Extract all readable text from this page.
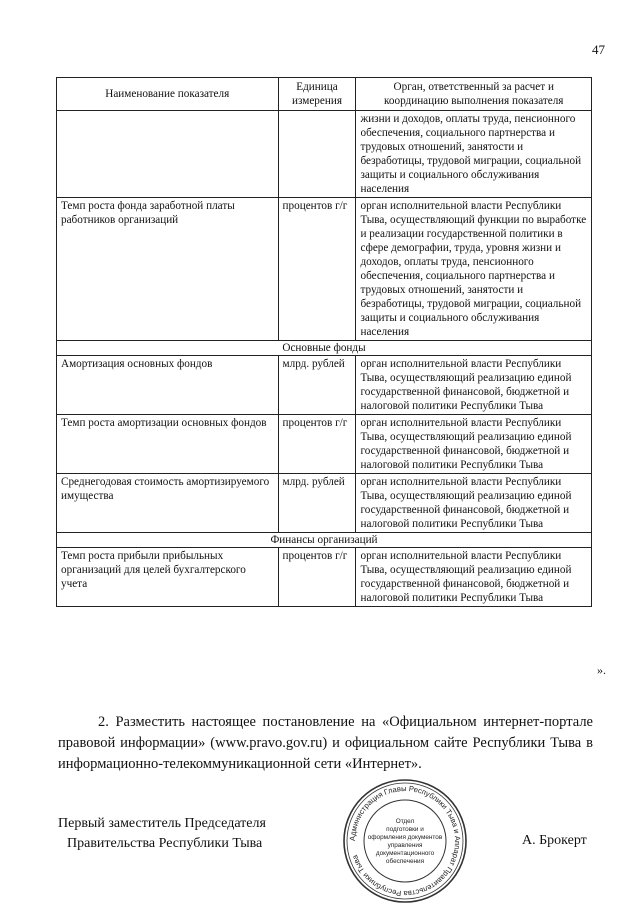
47
Наименование показателя	Единица измерения	Орган, ответственный за расчет и координацию выполнения показателя
		жизни и доходов, оплаты труда, пенсионного обеспечения, социального партнерства и трудовых отношений, занятости и безработицы, трудовой миграции, социальной защиты и социального обслуживания населения
Темп роста фонда заработной платы работников организаций	процентов г/г	орган исполнительной власти Республики Тыва, осуществляющий функции по выработке и реализации государственной политики в сфере демографии, труда, уровня жизни и доходов, оплаты труда, пенсионного обеспечения, социального партнерства и трудовых отношений, занятости и безработицы, трудовой миграции, социальной защиты и социального обслуживания населения
Основные фонды		
Амортизация основных фондов	млрд. рублей	орган исполнительной власти Республики Тыва, осуществляющий реализацию единой государственной финансовой, бюджетной и налоговой политики Республики Тыва
Темп роста амортизации основных фондов	процентов г/г	орган исполнительной власти Республики Тыва, осуществляющий реализацию единой государственной финансовой, бюджетной и налоговой политики Республики Тыва
Среднегодовая стоимость амортизируемого имущества	млрд. рублей	орган исполнительной власти Республики Тыва, осуществляющий реализацию единой государственной финансовой, бюджетной и налоговой политики Республики Тыва
Финансы организаций		
Темп роста прибыли прибыльных организаций для целей бухгалтерского учета	процентов г/г	орган исполнительной власти Республики Тыва, осуществляющий реализацию единой государственной финансовой, бюджетной и налоговой политики Республики Тыва
».

2. Разместить настоящее постановление на «Официальном интернет-портале правовой информации» (www.pravo.gov.ru) и официальном сайте Республики Тыва в информационно-телекоммуникационной сети «Интернет».

Первый заместитель Председателя
Правительства Республики Тыва	А. Брокерт
Администрация Главы Республики Тыва и Аппарат Правительства Республики Тыва
Отдел
подготовки и
оформления документов
управления
документационного
обеспечения
